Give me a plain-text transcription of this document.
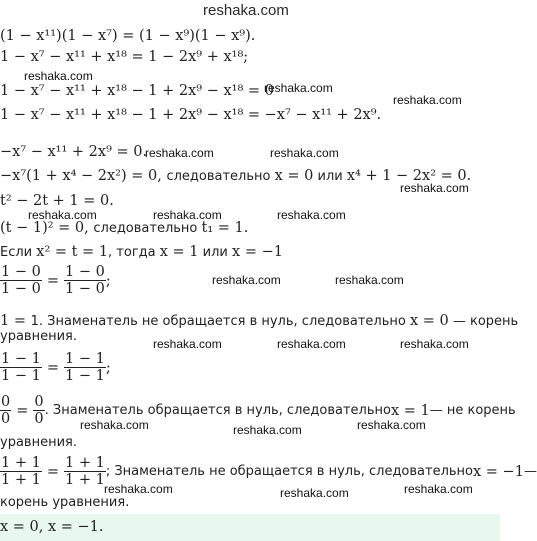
reshaka.com
(1 − x¹¹)(1 − x⁷) = (1 − x⁹)(1 − x⁹).
1 − x⁷ − x¹¹ + x¹⁸ = 1 − 2x⁹ + x¹⁸;
reshaka.com
1 − x⁷ − x¹¹ + x¹⁸ − 1 + 2x⁹ − x¹⁸ = 0
reshaka.com
reshaka.com
1 − x⁷ − x¹¹ + x¹⁸ − 1 + 2x⁹ − x¹⁸ = −x⁷ − x¹¹ + 2x⁹.
−x⁷ − x¹¹ + 2x⁹ = 0.
reshaka.com	reshaka.com
−x⁷(1 + x⁴ − 2x²) = 0, следовательно x = 0 или x⁴ + 1 − 2x² = 0.
reshaka.com
t² − 2t + 1 = 0.
reshaka.com	reshaka.com	reshaka.com
(t − 1)² = 0, следовательно t₁ = 1.
Если x² = t = 1, тогда x = 1 или x = −1
$\frac{1 - 0}{1 - 0} = \frac{1 - 0}{1 - 0}$ ;	reshaka.com	reshaka.com
1 = 1. Знаменатель не обращается в нуль, следовательно x = 0 — корень
уравнения.	reshaka.com	reshaka.com	reshaka.com
$\frac{1 - 1}{1 - 1} = \frac{1 - 1}{1 - 1}$ ;
$\frac{0}{0} = \frac{0}{0}$ . Знаменатель обращается в нуль, следовательно x = 1 — не корень
уравнения.
reshaka.com	reshaka.com	reshaka.com
$\frac{1 + 1}{1 + 1} = \frac{1 + 1}{1 + 1}$ ; Знаменатель не обращается в нуль, следовательно x = −1 —
корень уравнения.
reshaka.com	reshaka.com	reshaka.com
x = 0, x = −1.
